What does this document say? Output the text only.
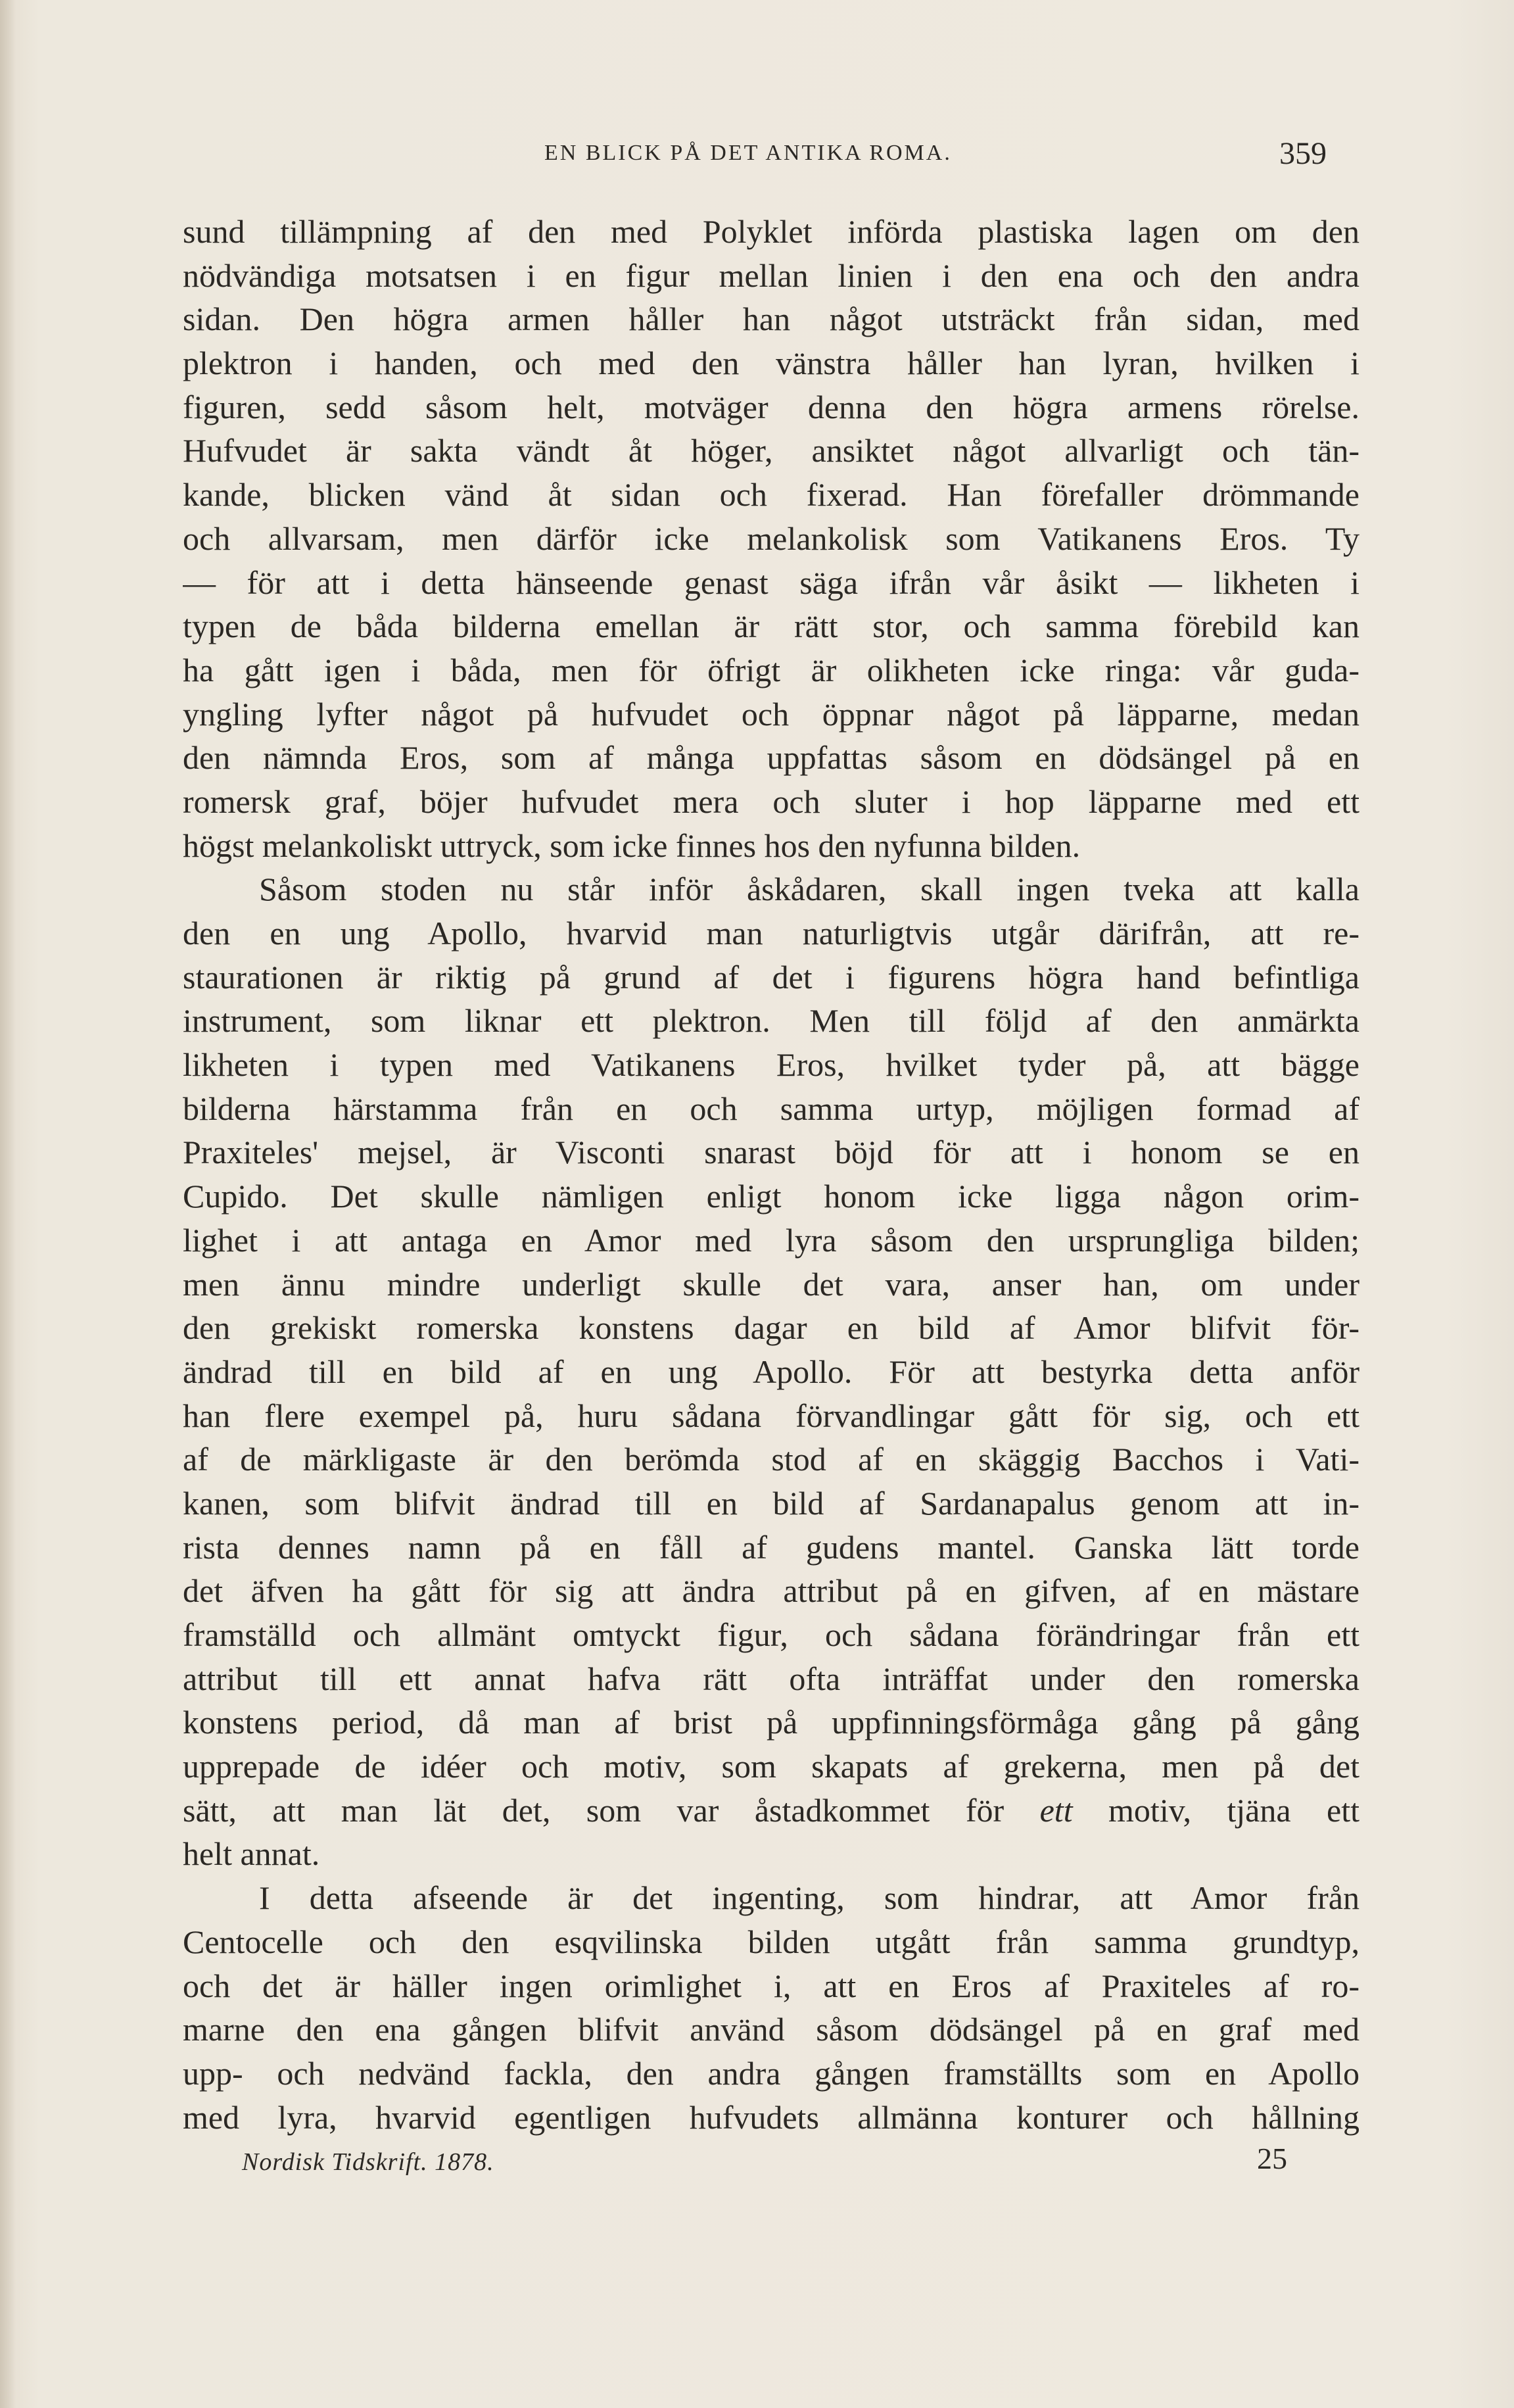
EN BLICK PÅ DET ANTIKA ROMA.	359
sund tillämpning af den med Polyklet införda plastiska lagen om den
nödvändiga motsatsen i en figur mellan linien i den ena och den andra
sidan. Den högra armen håller han något utsträckt från sidan, med
plektron i handen, och med den vänstra håller han lyran, hvilken i
figuren, sedd såsom helt, motväger denna den högra armens rörelse.
Hufvudet är sakta vändt åt höger, ansiktet något allvarligt och tän-
kande, blicken vänd åt sidan och fixerad. Han förefaller drömmande
och allvarsam, men därför icke melankolisk som Vatikanens Eros. Ty
— för att i detta hänseende genast säga ifrån vår åsikt — likheten i
typen de båda bilderna emellan är rätt stor, och samma förebild kan
ha gått igen i båda, men för öfrigt är olikheten icke ringa: vår guda-
yngling lyfter något på hufvudet och öppnar något på läpparne, medan
den nämnda Eros, som af många uppfattas såsom en dödsängel på en
romersk graf, böjer hufvudet mera och sluter i hop läpparne med ett
högst melankoliskt uttryck, som icke finnes hos den nyfunna bilden.
Såsom stoden nu står inför åskådaren, skall ingen tveka att kalla
den en ung Apollo, hvarvid man naturligtvis utgår därifrån, att re-
staurationen är riktig på grund af det i figurens högra hand befintliga
instrument, som liknar ett plektron. Men till följd af den anmärkta
likheten i typen med Vatikanens Eros, hvilket tyder på, att bägge
bilderna härstamma från en och samma urtyp, möjligen formad af
Praxiteles' mejsel, är Visconti snarast böjd för att i honom se en
Cupido. Det skulle nämligen enligt honom icke ligga någon orim-
lighet i att antaga en Amor med lyra såsom den ursprungliga bilden;
men ännu mindre underligt skulle det vara, anser han, om under
den grekiskt romerska konstens dagar en bild af Amor blifvit för-
ändrad till en bild af en ung Apollo. För att bestyrka detta anför
han flere exempel på, huru sådana förvandlingar gått för sig, och ett
af de märkligaste är den berömda stod af en skäggig Bacchos i Vati-
kanen, som blifvit ändrad till en bild af Sardanapalus genom att in-
rista dennes namn på en fåll af gudens mantel. Ganska lätt torde
det äfven ha gått för sig att ändra attribut på en gifven, af en mästare
framställd och allmänt omtyckt figur, och sådana förändringar från ett
attribut till ett annat hafva rätt ofta inträffat under den romerska
konstens period, då man af brist på uppfinningsförmåga gång på gång
upprepade de idéer och motiv, som skapats af grekerna, men på det
sätt, att man lät det, som var åstadkommet för ett motiv, tjäna ett
helt annat.
I detta afseende är det ingenting, som hindrar, att Amor från
Centocelle och den esqvilinska bilden utgått från samma grundtyp,
och det är häller ingen orimlighet i, att en Eros af Praxiteles af ro-
marne den ena gången blifvit använd såsom dödsängel på en graf med
upp- och nedvänd fackla, den andra gången framställts som en Apollo
med lyra, hvarvid egentligen hufvudets allmänna konturer och hållning
Nordisk Tidskrift. 1878.	25
